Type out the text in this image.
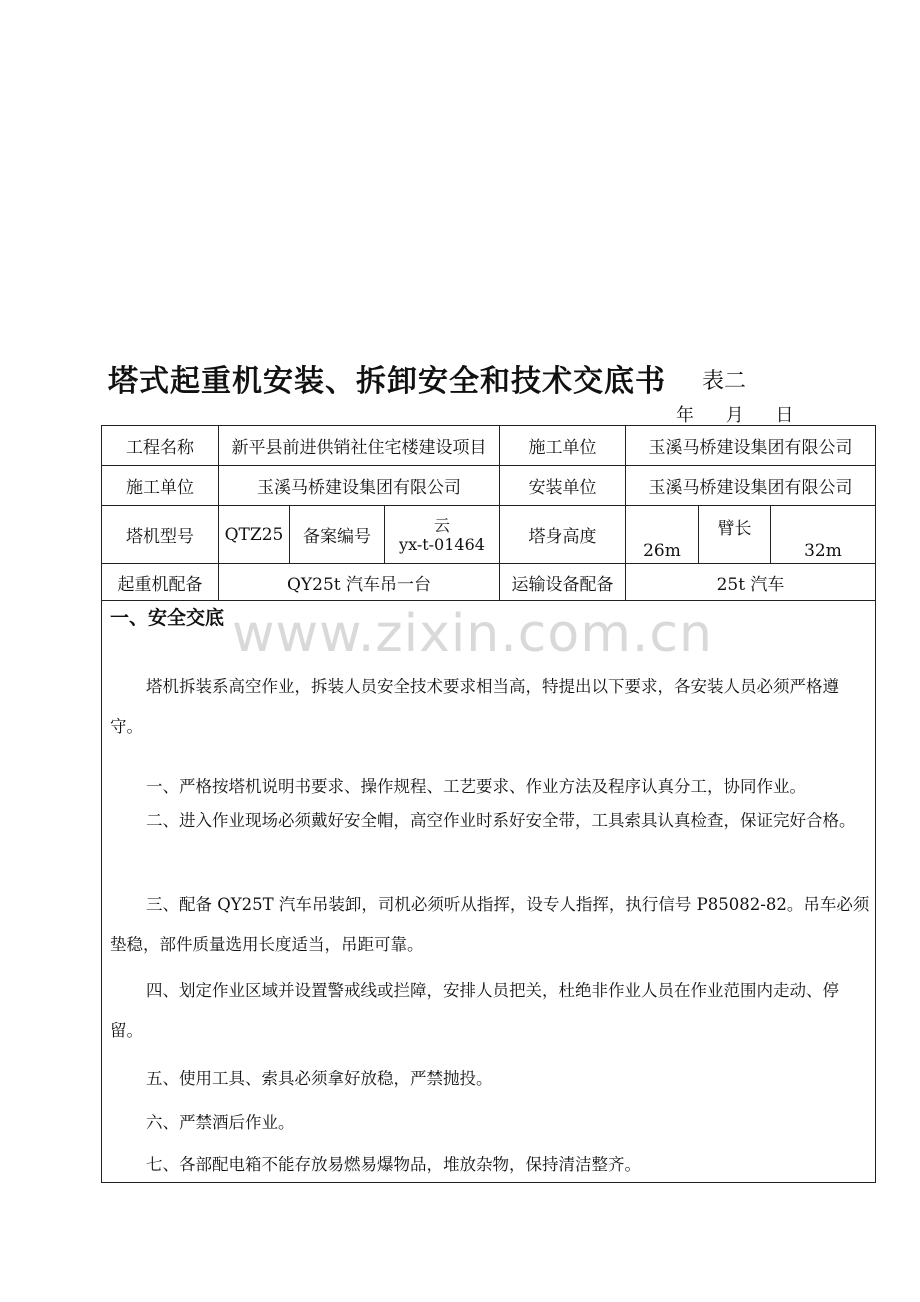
塔式起重机安装、拆卸安全和技术交底书 表二
年 月 日
工程名称	新平县前进供销社住宅楼建设项目			施工单位	玉溪马桥建设集团有限公司		
施工单位	玉溪马桥建设集团有限公司			安装单位	玉溪马桥建设集团有限公司		
塔机型号	QTZ25	备案编号	云
yx-t-01464	塔身高度	26m	臂长	32m
起重机配备	QY25t 汽车吊一台			运输设备配备	25t 汽车		
一、安全交底
塔机拆装系高空作业，拆装人员安全技术要求相当高，特提出以下要求，各安装人员必须严格遵守。
一、严格按塔机说明书要求、操作规程、工艺要求、作业方法及程序认真分工，协同作业。
二、进入作业现场必须戴好安全帽，高空作业时系好安全带，工具索具认真检查，保证完好合格。
三、配备 QY25T 汽车吊装卸，司机必须听从指挥，设专人指挥，执行信号 P85082-82。吊车必须垫稳，部件质量选用长度适当，吊距可靠。
四、划定作业区域并设置警戒线或拦障，安排人员把关，杜绝非作业人员在作业范围内走动、停留。
五、使用工具、索具必须拿好放稳，严禁抛投。
六、严禁酒后作业。
七、各部配电箱不能存放易燃易爆物品，堆放杂物，保持清洁整齐。
www.zixin.com.cn
